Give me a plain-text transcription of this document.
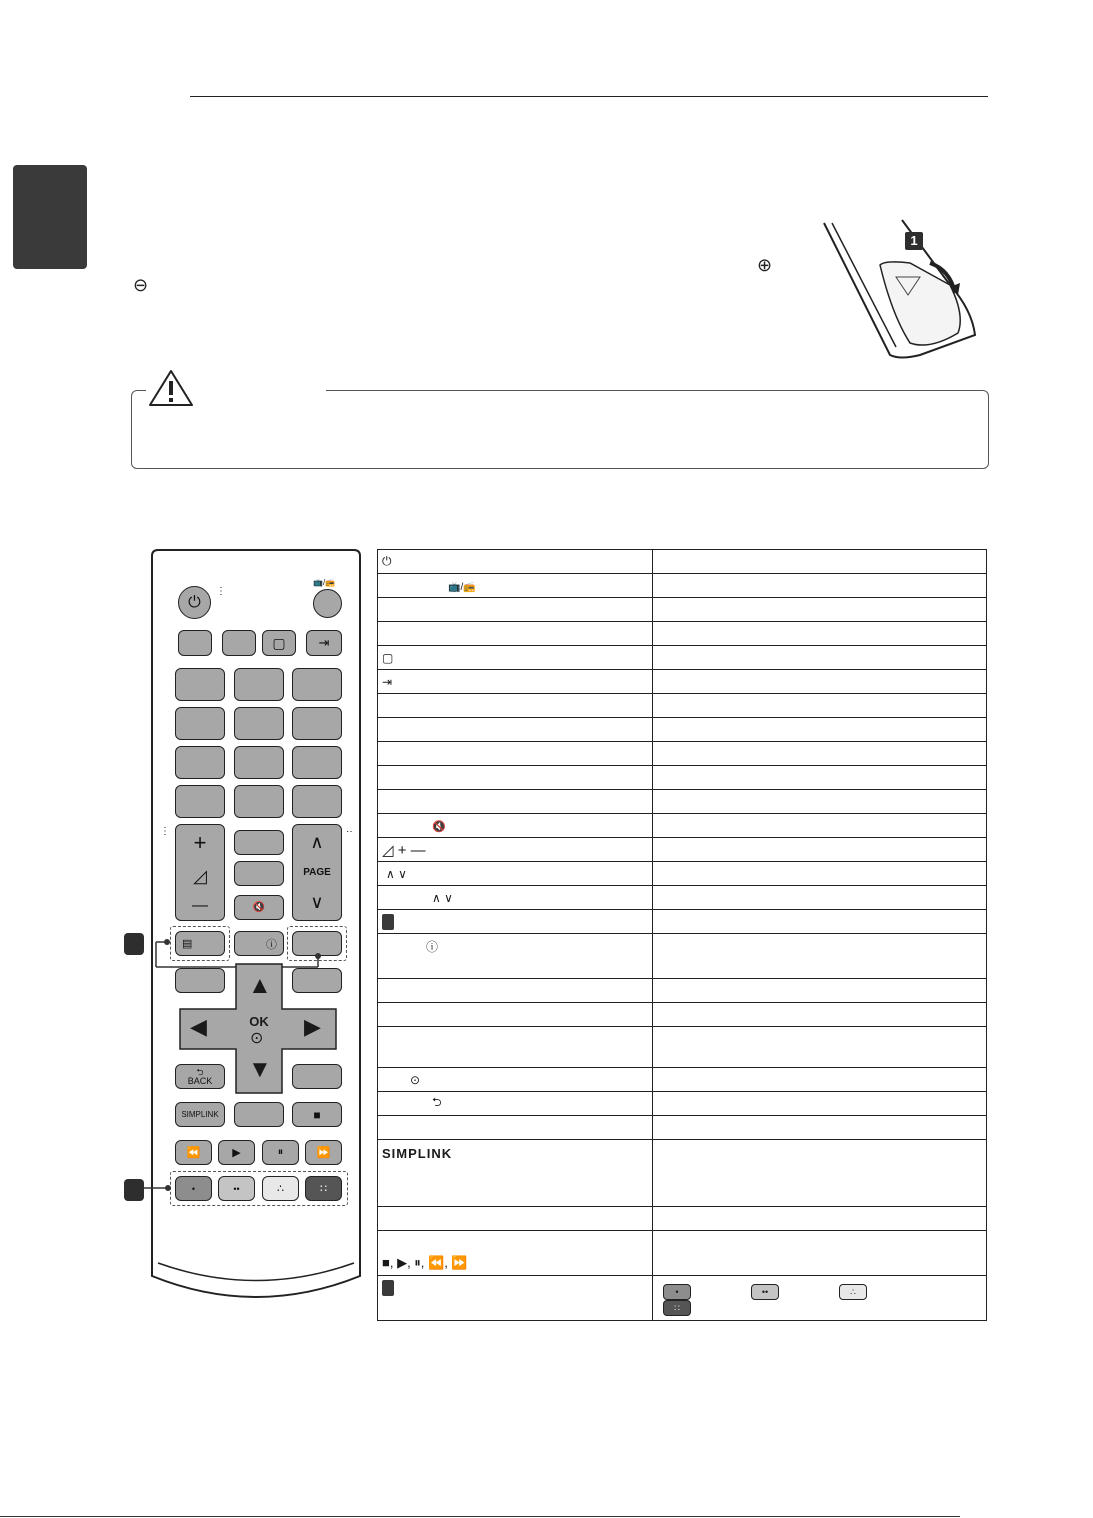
⊕
⊖
1
⏻
⋮
📺/📻
▢	⇥
⋮	‥
+
◿
—	🔇
∧
PAGE
∨
▤	ⓘ
▲
▼
◀	▶
OK
⊙
⮌
BACK
SIMPLINK	■
⏪	▶	⏸	⏩
•	••	∴	∷
⏻	
📺/📻	

▢	
⇥	

🔇	
◿ + —	
∧ ∨	
∧ ∨	

ⓘ	

⊙	
⮌	

SIMPLINK	

■, ▶, ⏸, ⏪, ⏩	
	• •• ∴∷
